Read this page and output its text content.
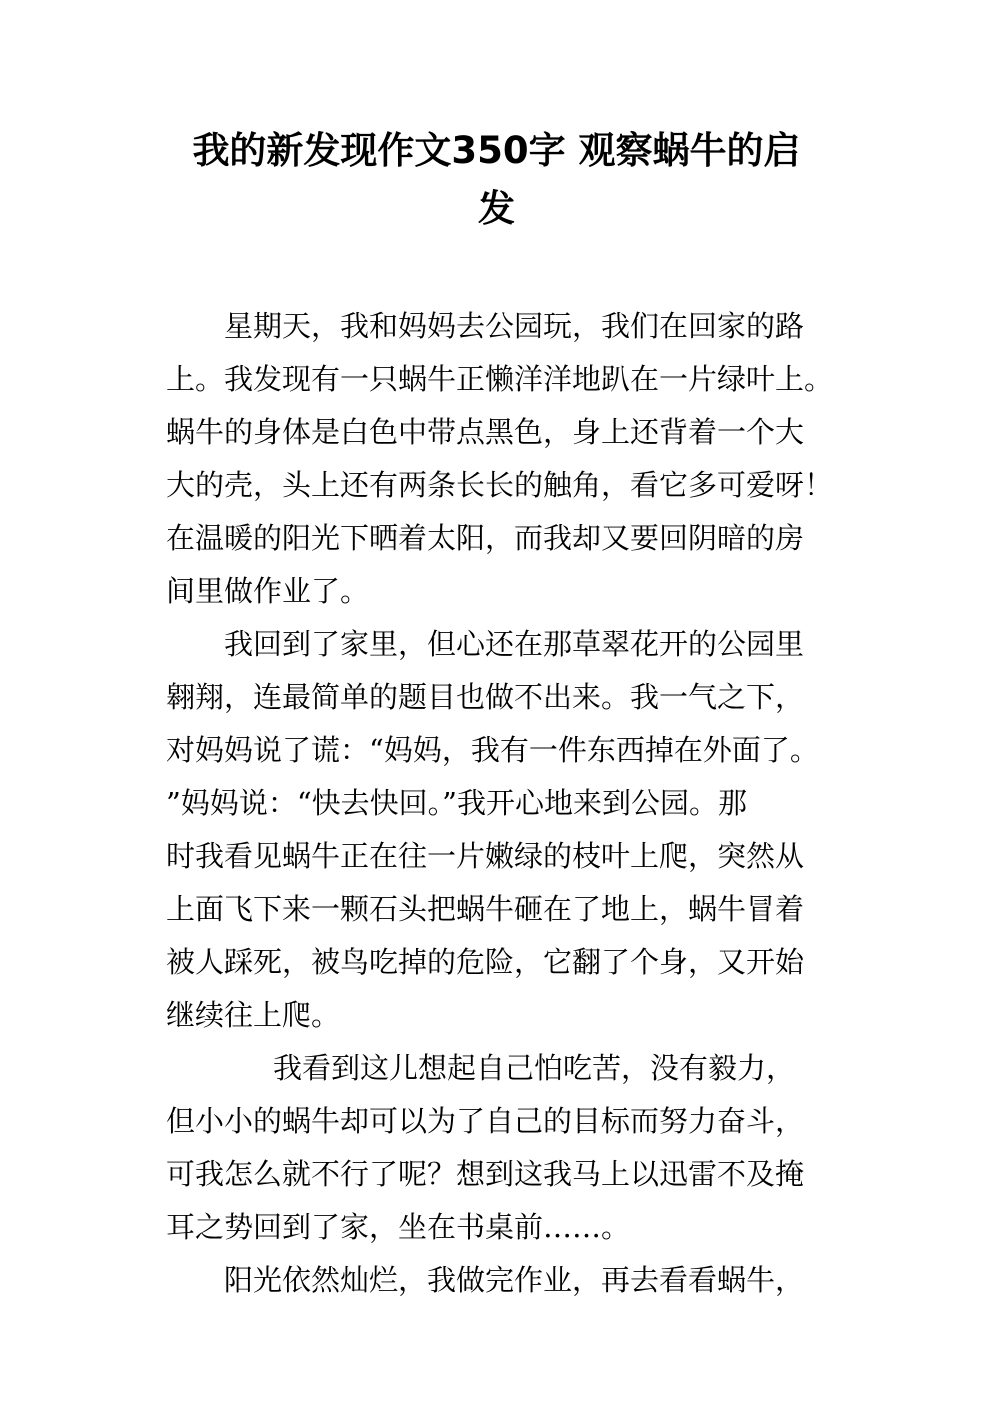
我的新发现作文350字 观察蜗牛的启
发

星期天，我和妈妈去公园玩，我们在回家的路

上。我发现有一只蜗牛正懒洋洋地趴在一片绿叶上。

蜗牛的身体是白色中带点黑色，身上还背着一个大

大的壳，头上还有两条长长的触角，看它多可爱呀！

在温暖的阳光下晒着太阳，而我却又要回阴暗的房

间里做作业了。

我回到了家里，但心还在那草翠花开的公园里

翱翔，连最简单的题目也做不出来。我一气之下，

对妈妈说了谎：“妈妈，我有一件东西掉在外面了。

”妈妈说：“快去快回。”我开心地来到公园。那

时我看见蜗牛正在往一片嫩绿的枝叶上爬，突然从

上面飞下来一颗石头把蜗牛砸在了地上，蜗牛冒着

被人踩死，被鸟吃掉的危险，它翻了个身，又开始

继续往上爬。

我看到这儿想起自己怕吃苦，没有毅力，

但小小的蜗牛却可以为了自己的目标而努力奋斗，

可我怎么就不行了呢？想到这我马上以迅雷不及掩

耳之势回到了家，坐在书桌前……。

阳光依然灿烂，我做完作业，再去看看蜗牛，
